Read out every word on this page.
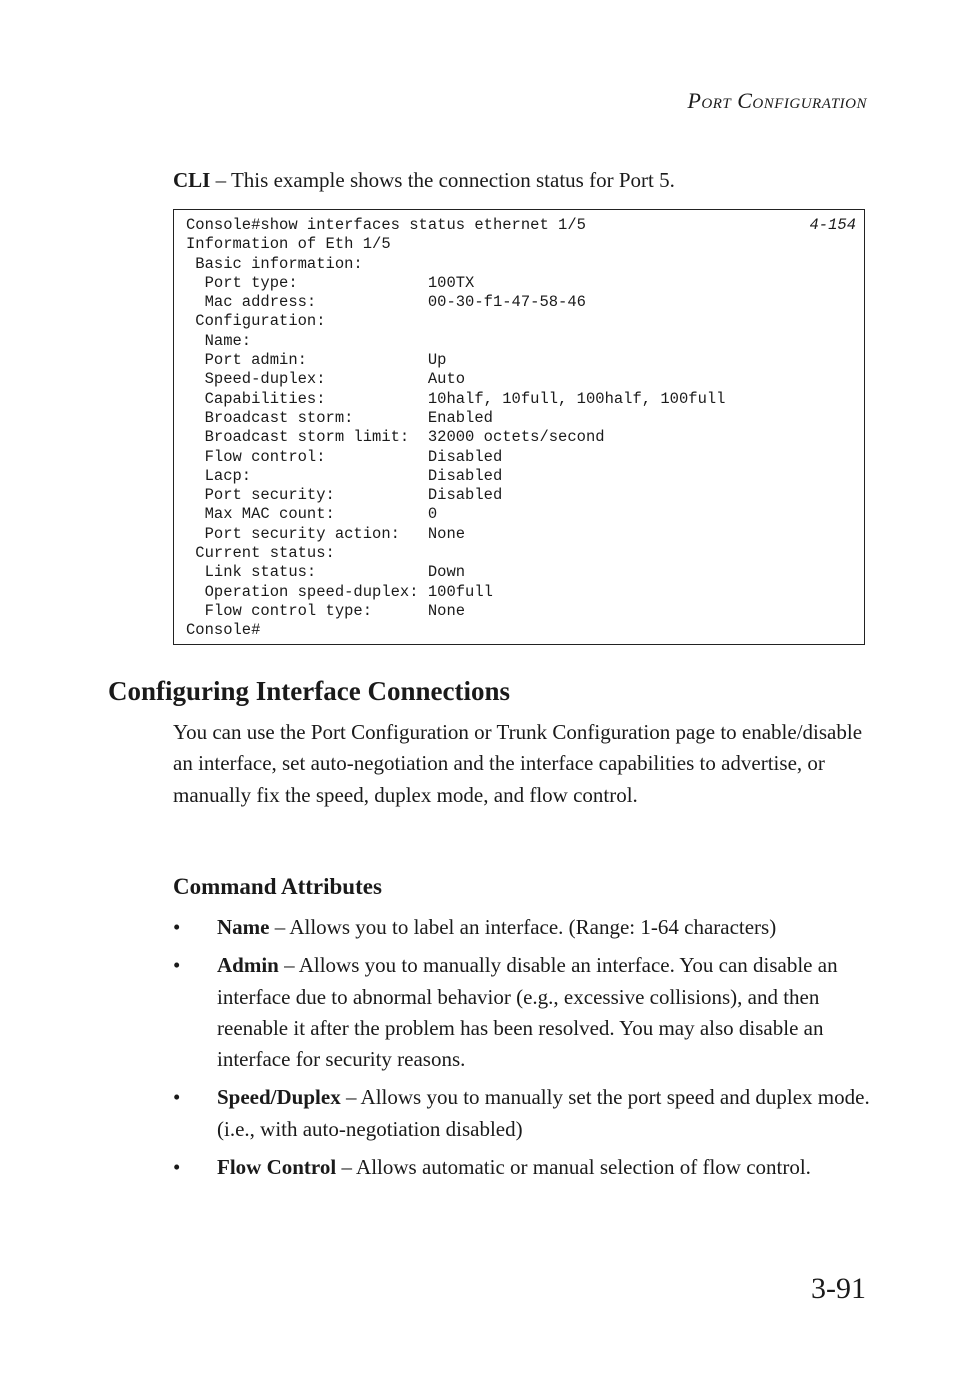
Port Configuration
CLI – This example shows the connection status for Port 5.
Console#show interfaces status ethernet 1/5
Information of Eth 1/5
Basic information:
Port type:              100TX
Mac address:            00-30-f1-47-58-46
Configuration:
Name:
Port admin:             Up
Speed-duplex:           Auto
Capabilities:           10half, 10full, 100half, 100full
Broadcast storm:        Enabled
Broadcast storm limit:  32000 octets/second
Flow control:           Disabled
Lacp:                   Disabled
Port security:          Disabled
Max MAC count:          0
Port security action:   None
Current status:
Link status:            Down
Operation speed-duplex: 100full
Flow control type:      None
Console#
4-154
Configuring Interface Connections

You can use the Port Configuration or Trunk Configuration page to enable/disable an interface, set auto-negotiation and the interface capabilities to advertise, or manually fix the speed, duplex mode, and flow control.

Command Attributes
• Name – Allows you to label an interface. (Range: 1-64 characters)
• Admin – Allows you to manually disable an interface. You can disable an interface due to abnormal behavior (e.g., excessive collisions), and then reenable it after the problem has been resolved. You may also disable an interface for security reasons.
• Speed/Duplex – Allows you to manually set the port speed and duplex mode. (i.e., with auto-negotiation disabled)
• Flow Control – Allows automatic or manual selection of flow control.
3-91
